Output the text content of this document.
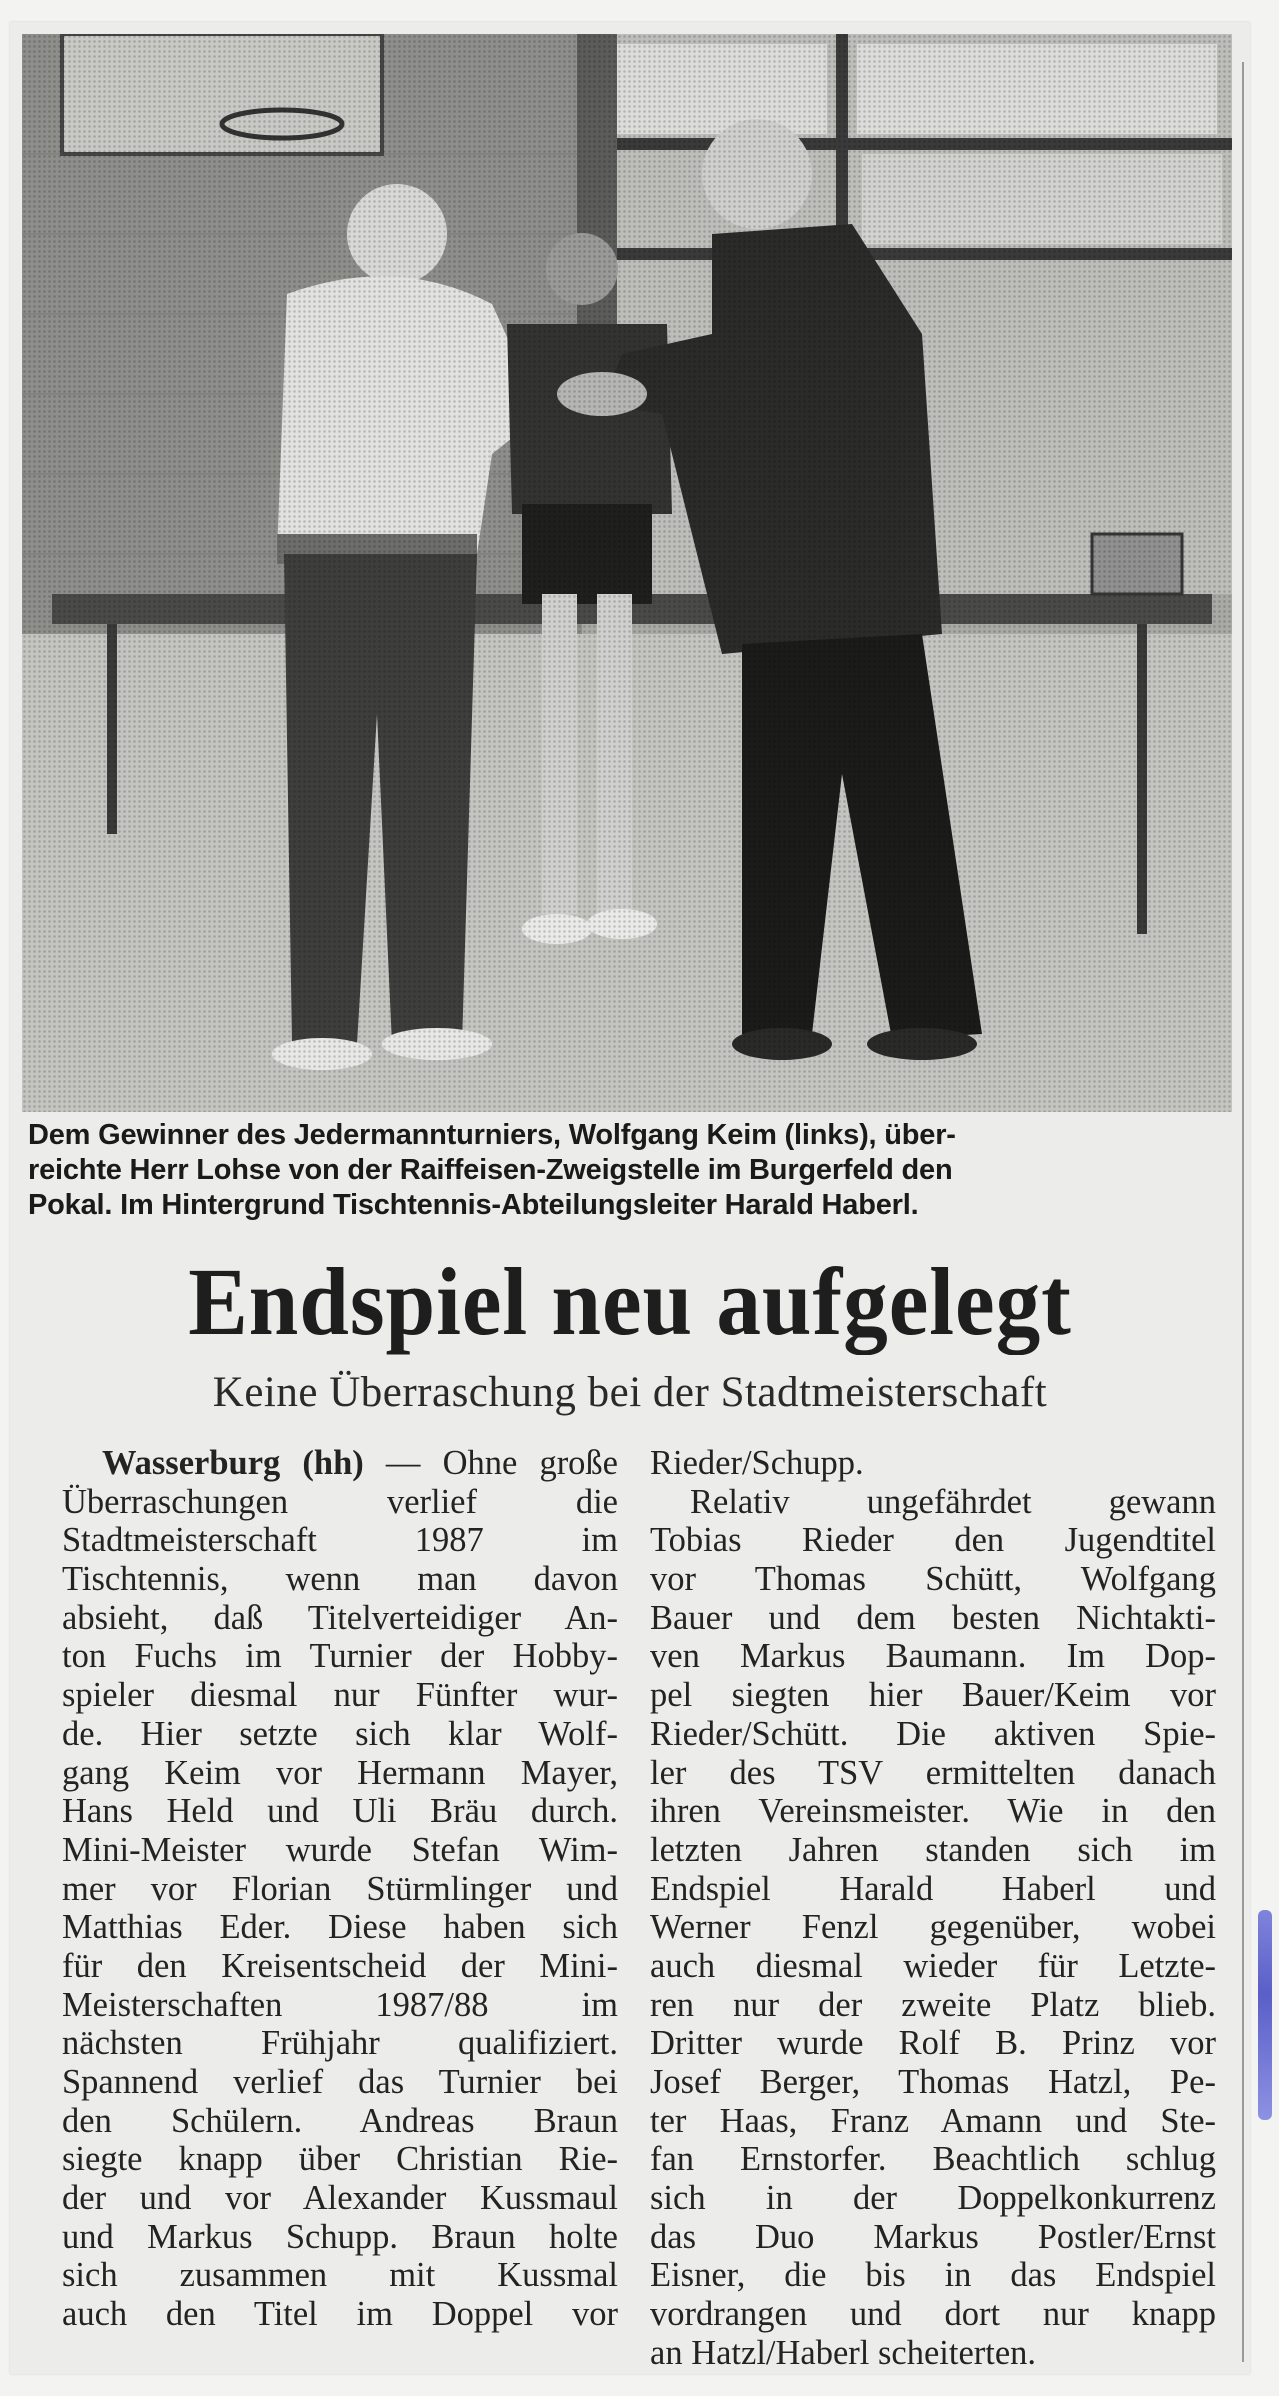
Dem Gewinner des Jedermannturniers, Wolfgang Keim (links), über-
reichte Herr Lohse von der Raiffeisen-Zweigstelle im Burgerfeld den
Pokal. Im Hintergrund Tischtennis-Abteilungsleiter Harald Haberl.
Endspiel neu aufgelegt
Keine Überraschung bei der Stadtmeisterschaft
Wasserburg (hh) — Ohne große
Überraschungen verlief die
Stadtmeisterschaft 1987 im
Tischtennis, wenn man davon
absieht, daß Titelverteidiger An-
ton Fuchs im Turnier der Hobby-
spieler diesmal nur Fünfter wur-
de. Hier setzte sich klar Wolf-
gang Keim vor Hermann Mayer,
Hans Held und Uli Bräu durch.
Mini-Meister wurde Stefan Wim-
mer vor Florian Stürmlinger und
Matthias Eder. Diese haben sich
für den Kreisentscheid der Mini-
Meisterschaften 1987/88 im
nächsten Frühjahr qualifiziert.
Spannend verlief das Turnier bei
den Schülern. Andreas Braun
siegte knapp über Christian Rie-
der und vor Alexander Kussmaul
und Markus Schupp. Braun holte
sich zusammen mit Kussmal
auch den Titel im Doppel vor
Rieder/Schupp.
Relativ ungefährdet gewann
Tobias Rieder den Jugendtitel
vor Thomas Schütt, Wolfgang
Bauer und dem besten Nichtakti-
ven Markus Baumann. Im Dop-
pel siegten hier Bauer/Keim vor
Rieder/Schütt. Die aktiven Spie-
ler des TSV ermittelten danach
ihren Vereinsmeister. Wie in den
letzten Jahren standen sich im
Endspiel Harald Haberl und
Werner Fenzl gegenüber, wobei
auch diesmal wieder für Letzte-
ren nur der zweite Platz blieb.
Dritter wurde Rolf B. Prinz vor
Josef Berger, Thomas Hatzl, Pe-
ter Haas, Franz Amann und Ste-
fan Ernstorfer. Beachtlich schlug
sich in der Doppelkonkurrenz
das Duo Markus Postler/Ernst
Eisner, die bis in das Endspiel
vordrangen und dort nur knapp
an Hatzl/Haberl scheiterten.
